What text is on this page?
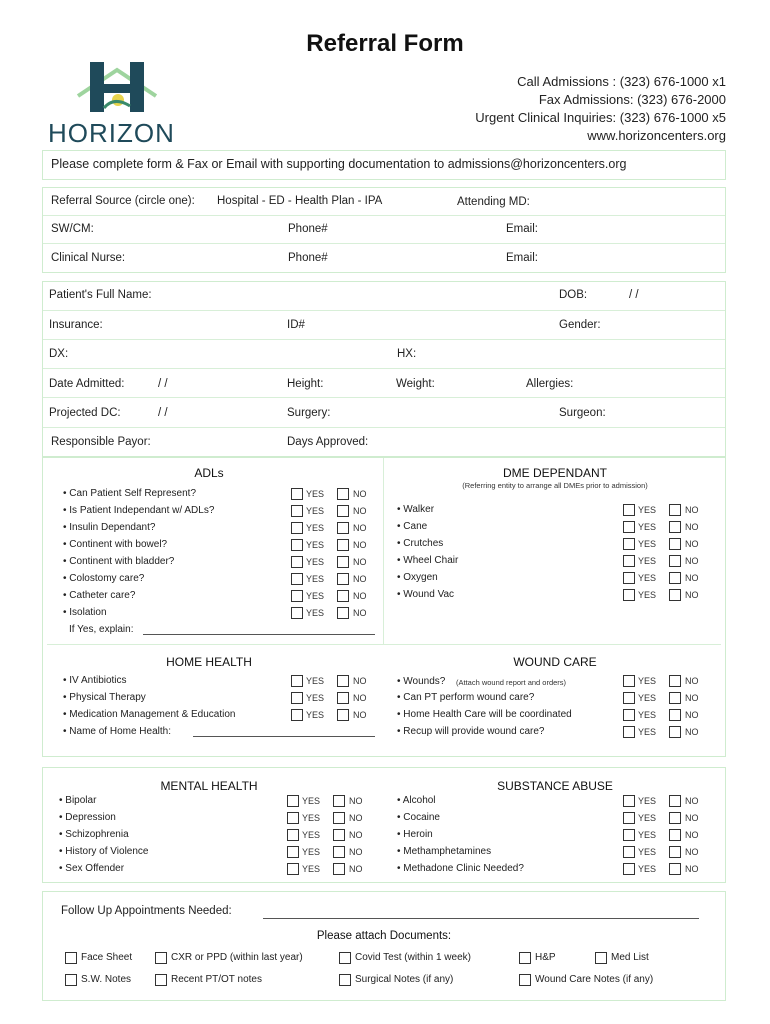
Referral Form
HORIZON
Call Admissions : (323) 676-1000 x1
Fax Admissions: (323) 676-2000
Urgent Clinical Inquiries: (323) 676-1000 x5
www.horizoncenters.org
Please complete form & Fax or Email with supporting documentation to admissions@horizoncenters.org
Referral Source (circle one): Hospital - ED - Health Plan - IPA	Attending MD:
SW/CM:	Phone#	Email:
Clinical Nurse:	Phone#	Email:
Patient's Full Name:	DOB:	/ /
Insurance:	ID#	Gender:
DX:	HX:
Date Admitted:	/ /	Height:	Weight:	Allergies:
Projected DC:	/ /	Surgery:	Surgeon:
Responsible Payor:	Days Approved:
ADLs
• Can Patient Self Represent?	YES	NO
• Is Patient Independant w/ ADLs?	YES	NO
• Insulin Dependant?	YES	NO
• Continent with bowel?	YES	NO
• Continent with bladder?	YES	NO
• Colostomy care?	YES	NO
• Catheter care?	YES	NO
• Isolation	YES	NO
If Yes, explain:
DME DEPENDANT
(Referring entity to arrange all DMEs prior to admission)
• Walker	YES	NO
• Cane	YES	NO
• Crutches	YES	NO
• Wheel Chair	YES	NO
• Oxygen	YES	NO
• Wound Vac	YES	NO
HOME HEALTH
• IV Antibiotics	YES	NO
• Physical Therapy	YES	NO
• Medication Management & Education	YES	NO
• Name of Home Health:
WOUND CARE
• Wounds? (Attach wound report and orders)	YES	NO
• Can PT perform wound care?	YES	NO
• Home Health Care will be coordinated	YES	NO
• Recup will provide wound care?	YES	NO
MENTAL HEALTH	SUBSTANCE ABUSE
• Bipolar	YES	NO
• Depression	YES	NO
• Schizophrenia	YES	NO
• History of Violence	YES	NO
• Sex Offender	YES	NO
• Alcohol	YES	NO
• Cocaine	YES	NO
• Heroin	YES	NO
• Methamphetamines	YES	NO
• Methadone Clinic Needed?	YES	NO
Follow Up Appointments Needed:
Please attach Documents:
Face Sheet	CXR or PPD (within last year)	Covid Test (within 1 week)	H&P	Med List
S.W. Notes	Recent PT/OT notes	Surgical Notes (if any)	Wound Care Notes (if any)
